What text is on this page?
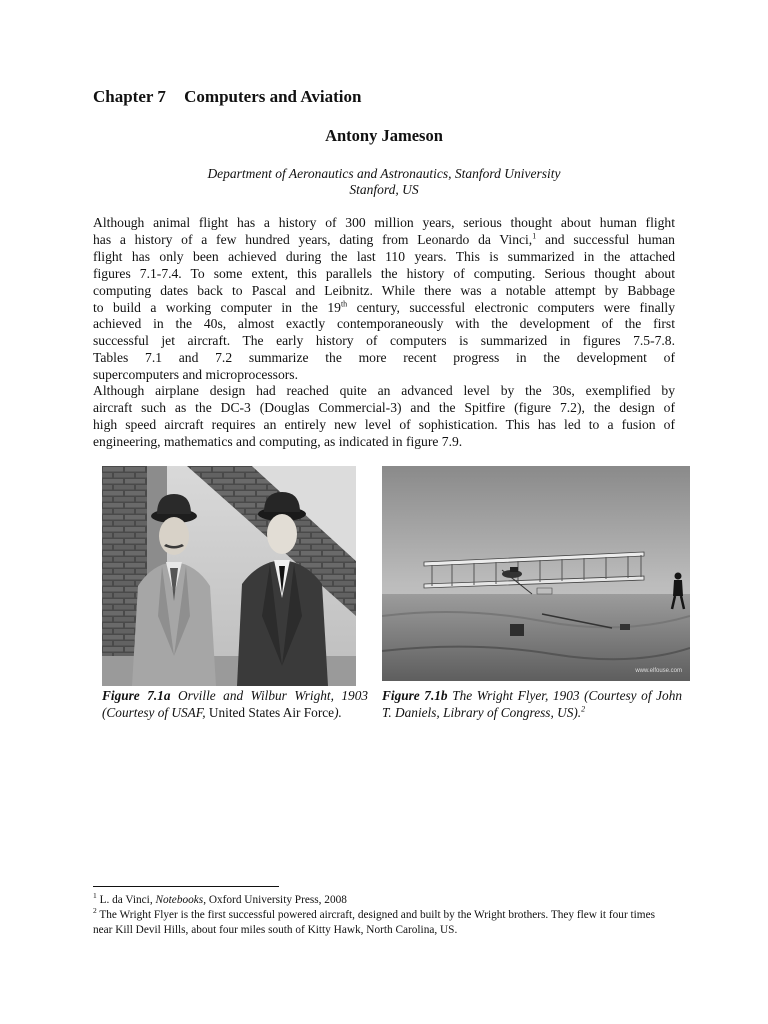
Chapter 7 Computers and Aviation
Antony Jameson
Department of Aeronautics and Astronautics, Stanford University
Stanford, US
Although animal flight has a history of 300 million years, serious thought about human flight
has a history of a few hundred years, dating from Leonardo da Vinci,$^1$ and successful human
flight has only been achieved during the last 110 years. This is summarized in the attached
figures 7.1-7.4. To some extent, this parallels the history of computing. Serious thought about
computing dates back to Pascal and Leibnitz. While there was a notable attempt by Babbage
to build a working computer in the 19th century, successful electronic computers were finally
achieved in the 40s, almost exactly contemporaneously with the development of the first
successful jet aircraft. The early history of computers is summarized in figures 7.5-7.8.
Tables 7.1 and 7.2 summarize the more recent progress in the development of
supercomputers and microprocessors.
Although airplane design had reached quite an advanced level by the 30s, exemplified by
aircraft such as the DC-3 (Douglas Commercial-3) and the Spitfire (figure 7.2), the design of
high speed aircraft requires an entirely new level of sophistication. This has led to a fusion of
engineering, mathematics and computing, as indicated in figure 7.9.
www.elfouse.com
Figure 7.1a Orville and Wilbur Wright, 1903 (Courtesy of USAF, United States Air Force).
Figure 7.1b The Wright Flyer, 1903 (Courtesy of John T. Daniels, Library of Congress, US).$^2$
$^1$ L. da Vinci, Notebooks, Oxford University Press, 2008
$^2$ The Wright Flyer is the first successful powered aircraft, designed and built by the Wright brothers. They flew it four times near Kill Devil Hills, about four miles south of Kitty Hawk, North Carolina, US.
